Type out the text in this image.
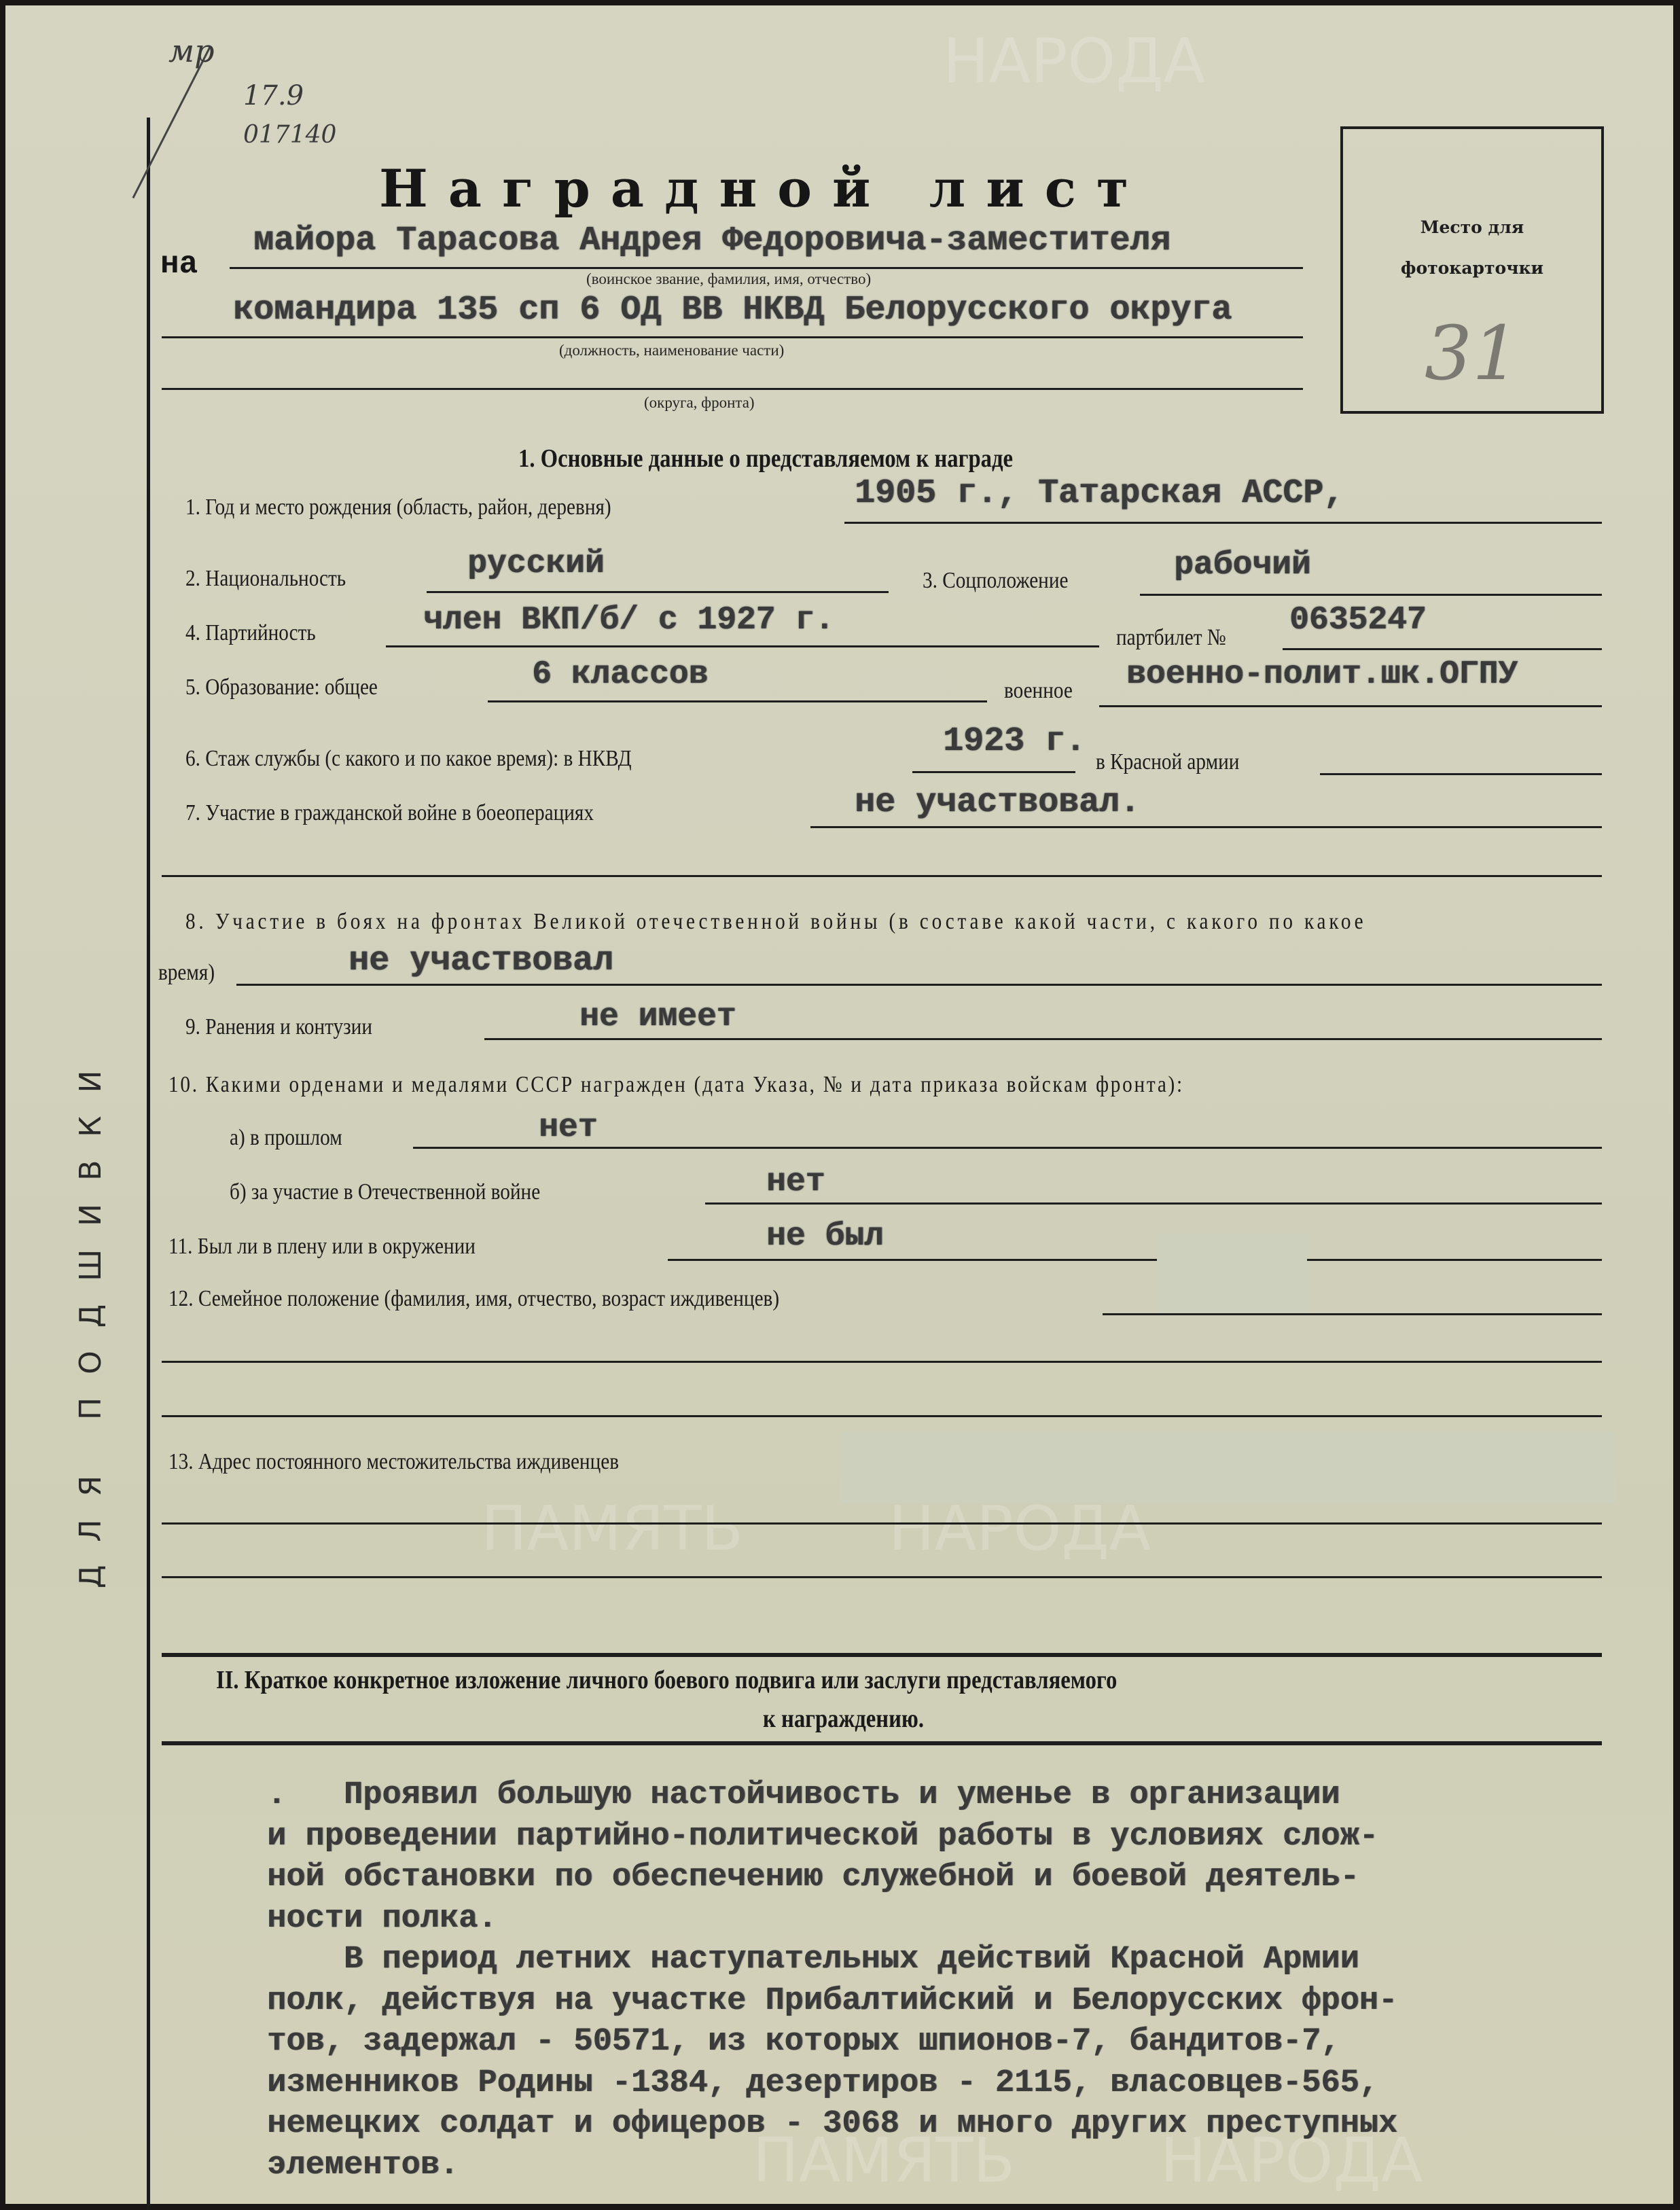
ПАМЯТЬ НАРОДА
ПАМЯТЬ НАРОДА
НАРОДА
ДЛЯ ПОДШИВКИ
мр
17.9
017140
Наградной лист
на
майора Тарасова Андрея Федоровича-заместителя
(воинское звание, фамилия, имя, отчество)
командира 135 сп 6 ОД ВВ НКВД Белорусского округа
(должность, наименование части)
(округа, фронта)
Место для
фотокарточки
31
1. Основные данные о представляемом к награде
1. Год и место рождения (область, район, деревня)	1905 г., Татарская АССР,
2. Национальность	русский	3. Соцположение	рабочий
4. Партийность	член ВКП/б/ с 1927 г.	партбилет № 0635247
5. Образование: общее	6 классов	военное военно-полит.шк.ОГПУ
6. Стаж службы (с какого и по какое время): в НКВД	1923 г.
в Красной армии
7. Участие в гражданской войне в боеоперациях	не участвовал.
8. Участие в боях на фронтах Великой отечественной войны (в составе какой части, с какого по какое
время)	не участвовал
9. Ранения и контузии	не имеет
10. Какими орденами и медалями СССР награжден (дата Указа, № и дата приказа войскам фронта):
а) в прошлом	нет
б) за участие в Отечественной войне	нет
11. Был ли в плену или в окружении	не был
12. Семейное положение (фамилия, имя, отчество, возраст иждивенцев)
13. Адрес постоянного местожительства иждивенцев
II. Краткое конкретное изложение личного боевого подвига или заслуги представляемого
к награждению.
.   Проявил большую настойчивость и уменье в организации
и проведении партийно-политической работы в условиях слож-
ной обстановки по обеспечению служебной и боевой деятель-
ности полка.
В период летних наступательных действий Красной Армии
полк, действуя на участке Прибалтийский и Белорусских фрон-
тов, задержал - 50571, из которых шпионов-7, бандитов-7,
изменников Родины -1384, дезертиров - 2115, власовцев-565,
немецких солдат и офицеров - 3068 и много других преступных
элементов.
